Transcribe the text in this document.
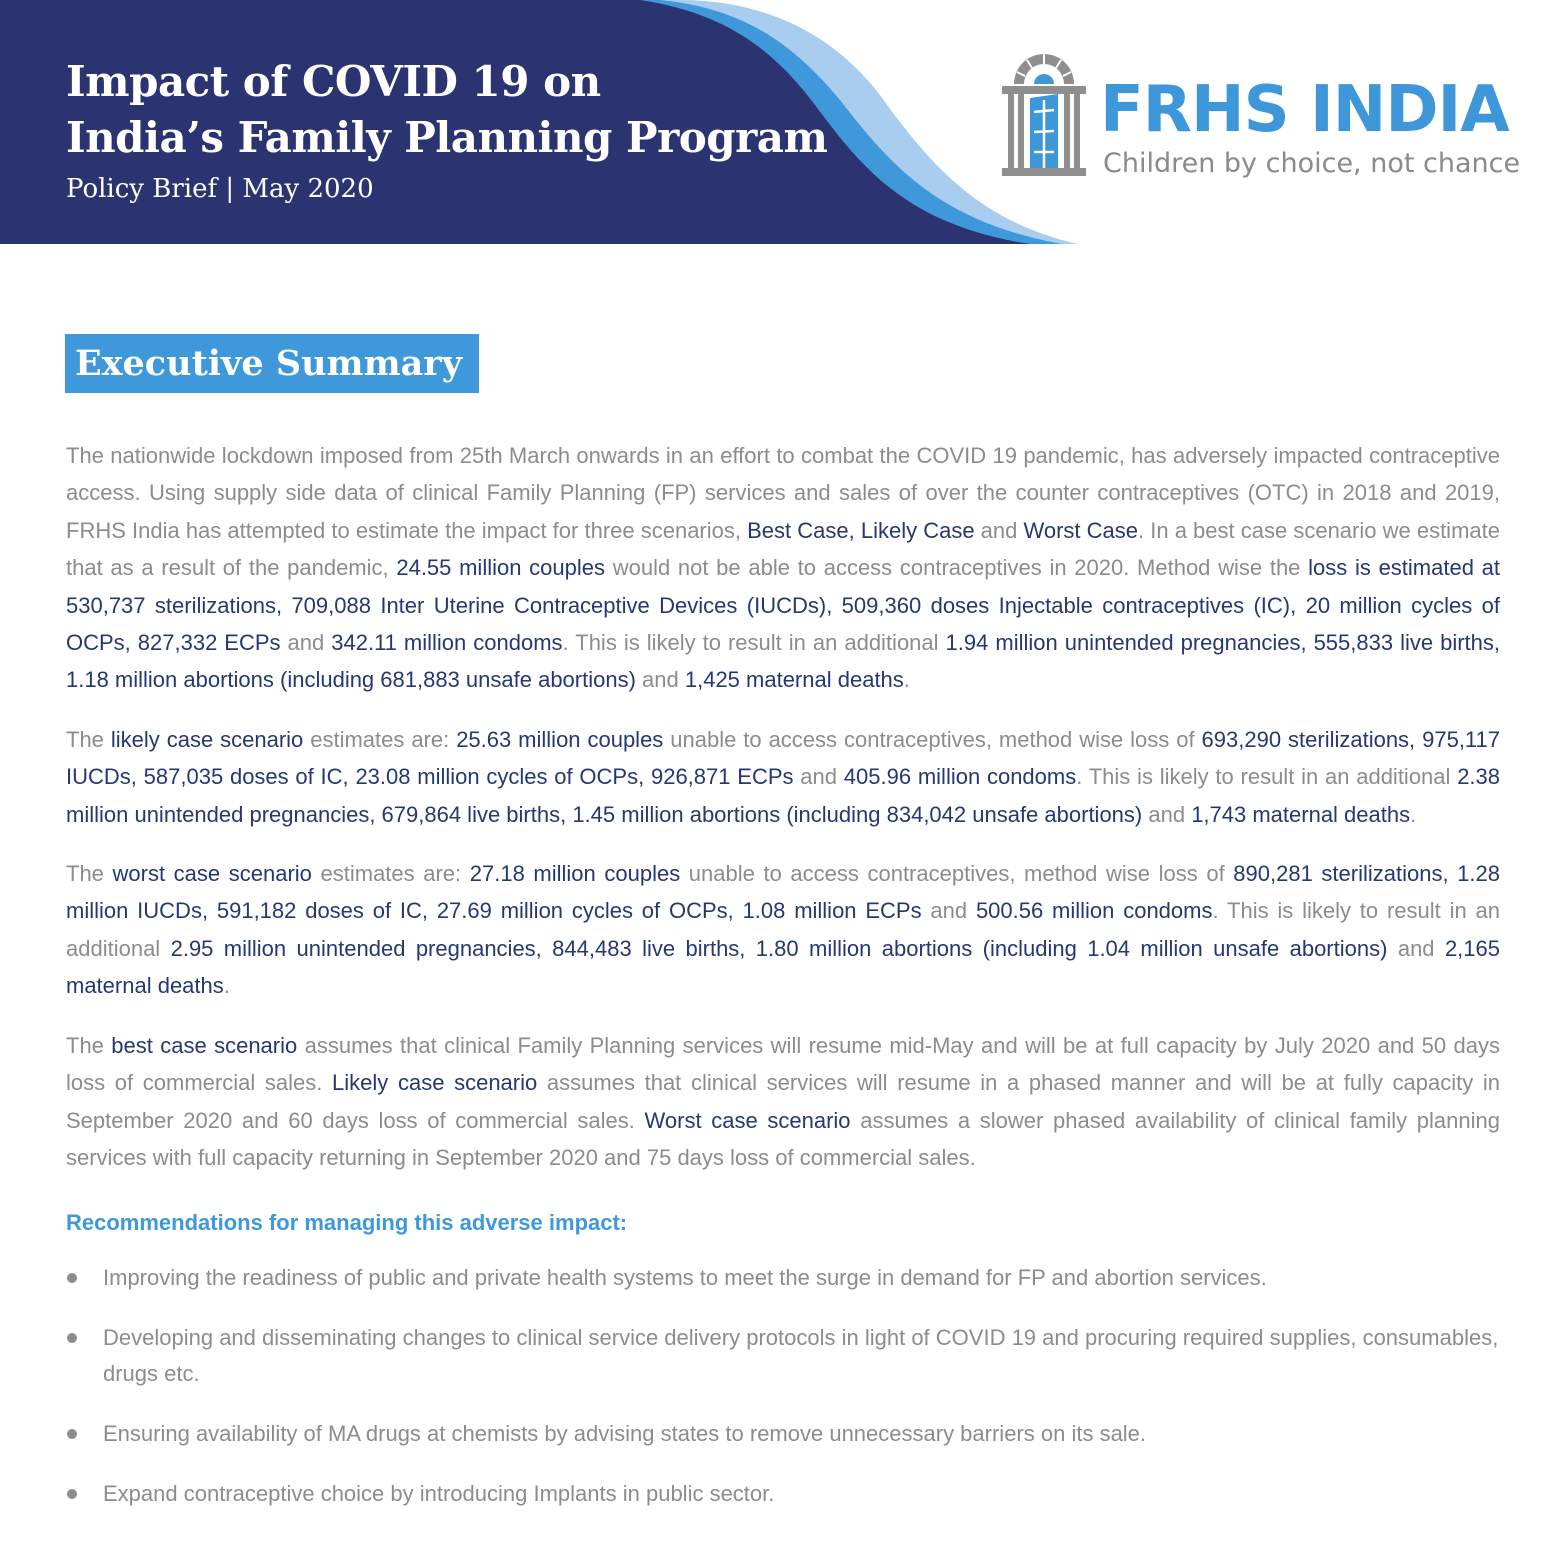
Impact of COVID 19 on
India’s Family Planning Program
Policy Brief | May 2020
FRHS INDIA
Children by choice, not chance
Executive Summary

The nationwide lockdown imposed from 25th March onwards in an effort to combat the COVID 19 pandemic, has adversely impacted contraceptive access. Using supply side data of clinical Family Planning (FP) services and sales of over the counter contraceptives (OTC) in 2018 and 2019, FRHS India has attempted to estimate the impact for three scenarios, Best Case, Likely Case and Worst Case. In a best case scenario we estimate that as a result of the pandemic, 24.55 million couples would not be able to access contraceptives in 2020. Method wise the loss is estimated at 530,737 sterilizations, 709,088 Inter Uterine Contraceptive Devices (IUCDs), 509,360 doses Injectable contraceptives (IC), 20 million cycles of OCPs, 827,332 ECPs and 342.11 million condoms. This is likely to result in an additional 1.94 million unintended pregnancies, 555,833 live births, 1.18 million abortions (including 681,883 unsafe abortions) and 1,425 maternal deaths.

The likely case scenario estimates are: 25.63 million couples unable to access contraceptives, method wise loss of 693,290 sterilizations, 975,117 IUCDs, 587,035 doses of IC, 23.08 million cycles of OCPs, 926,871 ECPs and 405.96 million condoms. This is likely to result in an additional 2.38 million unintended pregnancies, 679,864 live births, 1.45 million abortions (including 834,042 unsafe abortions) and 1,743 maternal deaths.

The worst case scenario estimates are: 27.18 million couples unable to access contraceptives, method wise loss of 890,281 sterilizations, 1.28 million IUCDs, 591,182 doses of IC, 27.69 million cycles of OCPs, 1.08 million ECPs and 500.56 million condoms. This is likely to result in an additional 2.95 million unintended pregnancies, 844,483 live births, 1.80 million abortions (including 1.04 million unsafe abortions) and 2,165 maternal deaths.

The best case scenario assumes that clinical Family Planning services will resume mid-May and will be at full capacity by July 2020 and 50 days loss of commercial sales. Likely case scenario assumes that clinical services will resume in a phased manner and will be at fully capacity in September 2020 and 60 days loss of commercial sales. Worst case scenario assumes a slower phased availability of clinical family planning services with full capacity returning in September 2020 and 75 days loss of commercial sales.

Recommendations for managing this adverse impact:
Improving the readiness of public and private health systems to meet the surge in demand for FP and abortion services.
Developing and disseminating changes to clinical service delivery protocols in light of COVID 19 and procuring required supplies, consumables, drugs etc.
Ensuring availability of MA drugs at chemists by advising states to remove unnecessary barriers on its sale.
Expand contraceptive choice by introducing Implants in public sector.
